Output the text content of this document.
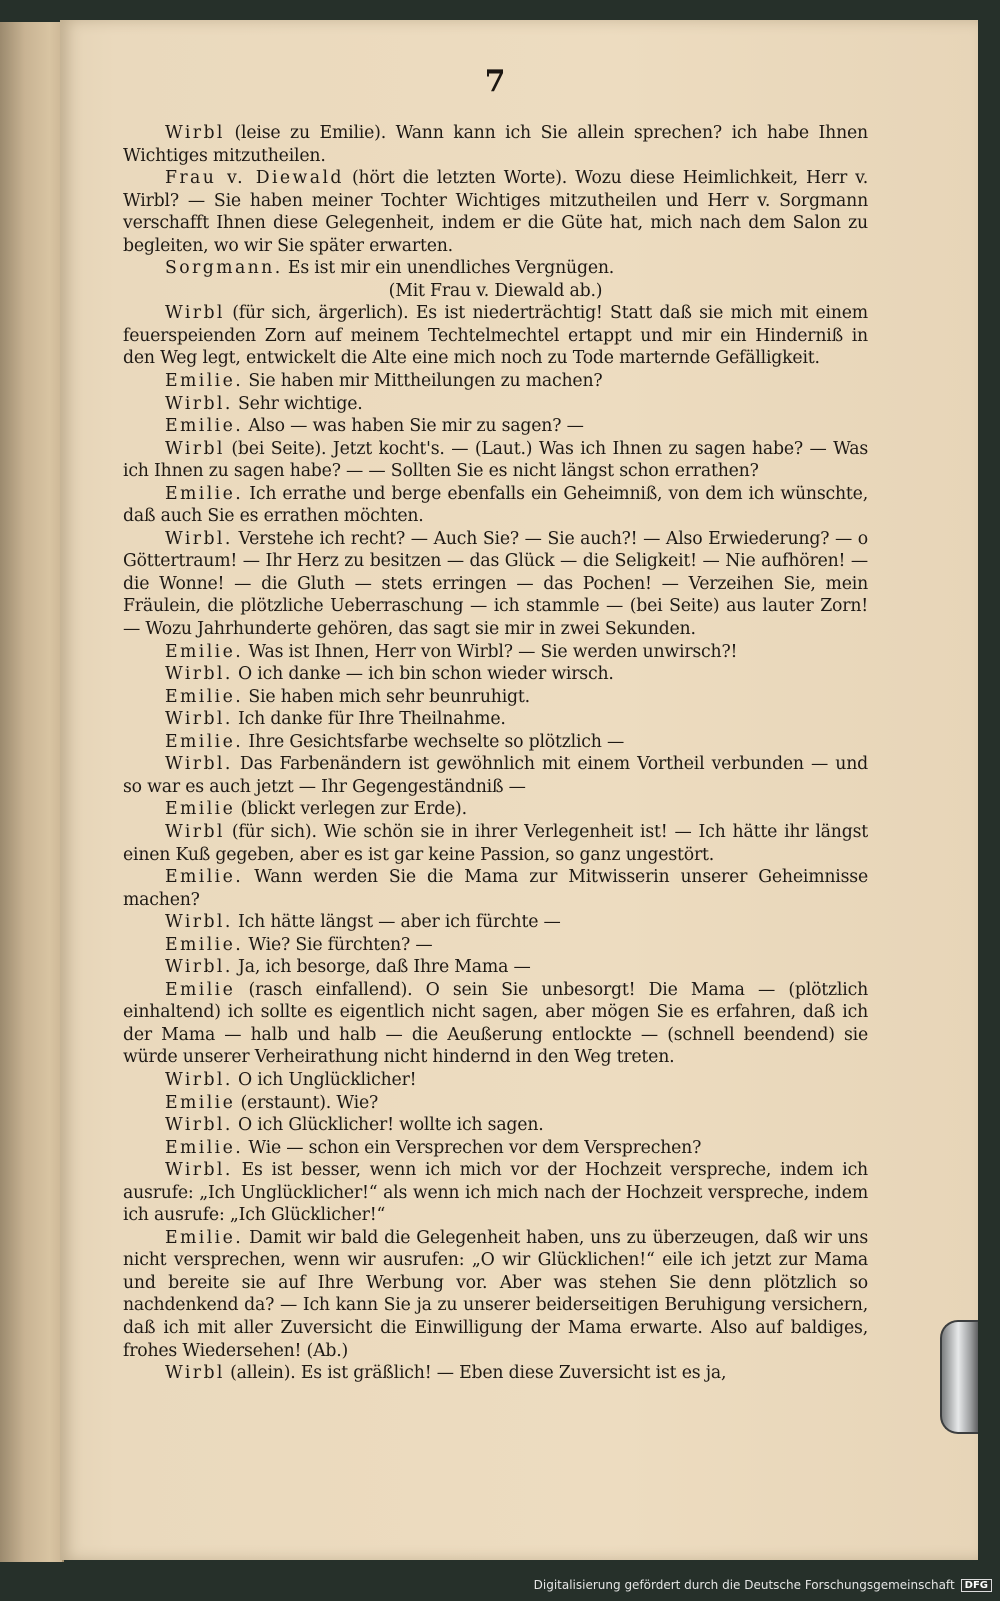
7

Wirbl (leise zu Emilie). Wann kann ich Sie allein sprechen? ich habe Ihnen Wichtiges mitzutheilen.

Frau v. Diewald (hört die letzten Worte). Wozu diese Heimlichkeit, Herr v. Wirbl? — Sie haben meiner Tochter Wichtiges mitzutheilen und Herr v. Sorgmann verschafft Ihnen diese Gelegenheit, indem er die Güte hat, mich nach dem Salon zu begleiten, wo wir Sie später erwarten.

Sorgmann. Es ist mir ein unendliches Vergnügen.

(Mit Frau v. Diewald ab.)

Wirbl (für sich, ärgerlich). Es ist niederträchtig! Statt daß sie mich mit einem feuerspeienden Zorn auf meinem Techtelmechtel ertappt und mir ein Hinderniß in den Weg legt, entwickelt die Alte eine mich noch zu Tode marternde Gefälligkeit.

Emilie. Sie haben mir Mittheilungen zu machen?

Wirbl. Sehr wichtige.

Emilie. Also — was haben Sie mir zu sagen? —

Wirbl (bei Seite). Jetzt kocht's. — (Laut.) Was ich Ihnen zu sagen habe? — Was ich Ihnen zu sagen habe? — — Sollten Sie es nicht längst schon errathen?

Emilie. Ich errathe und berge ebenfalls ein Geheimniß, von dem ich wünschte, daß auch Sie es errathen möchten.

Wirbl. Verstehe ich recht? — Auch Sie? — Sie auch?! — Also Erwiederung? — o Göttertraum! — Ihr Herz zu besitzen — das Glück — die Seligkeit! — Nie aufhören! — die Wonne! — die Gluth — stets erringen — das Pochen! — Verzeihen Sie, mein Fräulein, die plötzliche Ueberraschung — ich stammle — (bei Seite) aus lauter Zorn! — Wozu Jahrhunderte gehören, das sagt sie mir in zwei Sekunden.

Emilie. Was ist Ihnen, Herr von Wirbl? — Sie werden unwirsch?!

Wirbl. O ich danke — ich bin schon wieder wirsch.

Emilie. Sie haben mich sehr beunruhigt.

Wirbl. Ich danke für Ihre Theilnahme.

Emilie. Ihre Gesichtsfarbe wechselte so plötzlich —

Wirbl. Das Farbenändern ist gewöhnlich mit einem Vortheil verbunden — und so war es auch jetzt — Ihr Gegengeständniß —

Emilie (blickt verlegen zur Erde).

Wirbl (für sich). Wie schön sie in ihrer Verlegenheit ist! — Ich hätte ihr längst einen Kuß gegeben, aber es ist gar keine Passion, so ganz ungestört.

Emilie. Wann werden Sie die Mama zur Mitwisserin unserer Geheimnisse machen?

Wirbl. Ich hätte längst — aber ich fürchte —

Emilie. Wie? Sie fürchten? —

Wirbl. Ja, ich besorge, daß Ihre Mama —

Emilie (rasch einfallend). O sein Sie unbesorgt! Die Mama — (plötzlich einhaltend) ich sollte es eigentlich nicht sagen, aber mögen Sie es erfahren, daß ich der Mama — halb und halb — die Aeußerung entlockte — (schnell beendend) sie würde unserer Verheirathung nicht hindernd in den Weg treten.

Wirbl. O ich Unglücklicher!

Emilie (erstaunt). Wie?

Wirbl. O ich Glücklicher! wollte ich sagen.

Emilie. Wie — schon ein Versprechen vor dem Versprechen?

Wirbl. Es ist besser, wenn ich mich vor der Hochzeit verspreche, indem ich ausrufe: „Ich Unglücklicher!“ als wenn ich mich nach der Hochzeit verspreche, indem ich ausrufe: „Ich Glücklicher!“

Emilie. Damit wir bald die Gelegenheit haben, uns zu überzeugen, daß wir uns nicht versprechen, wenn wir ausrufen: „O wir Glücklichen!“ eile ich jetzt zur Mama und bereite sie auf Ihre Werbung vor. Aber was stehen Sie denn plötzlich so nachdenkend da? — Ich kann Sie ja zu unserer beiderseitigen Beruhigung versichern, daß ich mit aller Zuversicht die Einwilligung der Mama erwarte. Also auf baldiges, frohes Wiedersehen! (Ab.)

Wirbl (allein). Es ist gräßlich! — Eben diese Zuversicht ist es ja,

Digitalisierung gefördert durch die Deutsche Forschungsgemeinschaft	DFG
